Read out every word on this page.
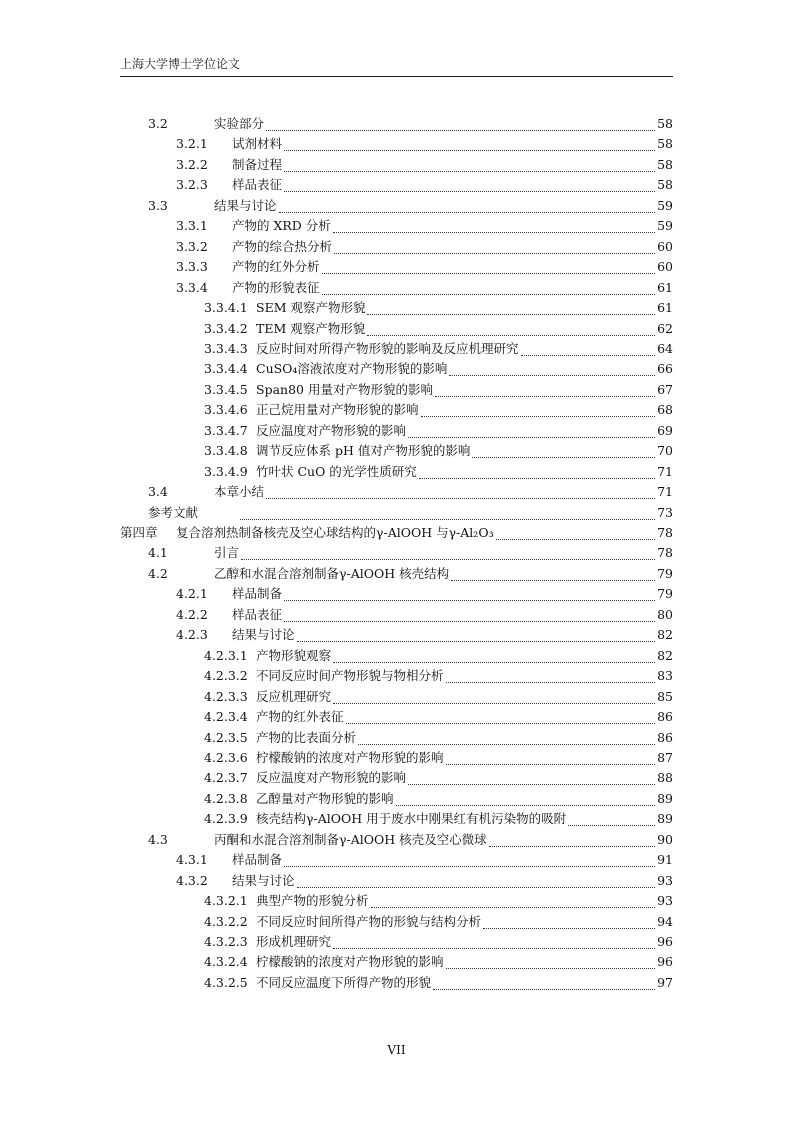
上海大学博士学位论文
3.2	实验部分	58
3.2.1	试剂材料	58
3.2.2	制备过程	58
3.2.3	样品表征	58
3.3	结果与讨论	59
3.3.1	产物的 XRD 分析	59
3.3.2	产物的综合热分析	60
3.3.3	产物的红外分析	60
3.3.4	产物的形貌表征	61
3.3.4.1 SEM 观察产物形貌	61
3.3.4.2 TEM 观察产物形貌	62
3.3.4.3 反应时间对所得产物形貌的影响及反应机理研究	64
3.3.4.4 CuSO₄溶液浓度对产物形貌的影响	66
3.3.4.5 Span80 用量对产物形貌的影响	67
3.3.4.6 正己烷用量对产物形貌的影响	68
3.3.4.7 反应温度对产物形貌的影响	69
3.3.4.8 调节反应体系 pH 值对产物形貌的影响	70
3.3.4.9 竹叶状 CuO 的光学性质研究	71
3.4	本章小结	71
参考文献	73
第四章	复合溶剂热制备核壳及空心球结构的γ-AlOOH 与γ-Al₂O₃	78
4.1	引言	78
4.2	乙醇和水混合溶剂制备γ-AlOOH 核壳结构	79
4.2.1	样品制备	79
4.2.2	样品表征	80
4.2.3	结果与讨论	82
4.2.3.1 产物形貌观察	82
4.2.3.2 不同反应时间产物形貌与物相分析	83
4.2.3.3 反应机理研究	85
4.2.3.4 产物的红外表征	86
4.2.3.5 产物的比表面分析	86
4.2.3.6 柠檬酸钠的浓度对产物形貌的影响	87
4.2.3.7 反应温度对产物形貌的影响	88
4.2.3.8 乙醇量对产物形貌的影响	89
4.2.3.9 核壳结构γ-AlOOH 用于废水中刚果红有机污染物的吸附	89
4.3	丙酮和水混合溶剂制备γ-AlOOH 核壳及空心微球	90
4.3.1	样品制备	91
4.3.2	结果与讨论	93
4.3.2.1 典型产物的形貌分析	93
4.3.2.2 不同反应时间所得产物的形貌与结构分析	94
4.3.2.3 形成机理研究	96
4.3.2.4 柠檬酸钠的浓度对产物形貌的影响	96
4.3.2.5 不同反应温度下所得产物的形貌	97
VII
